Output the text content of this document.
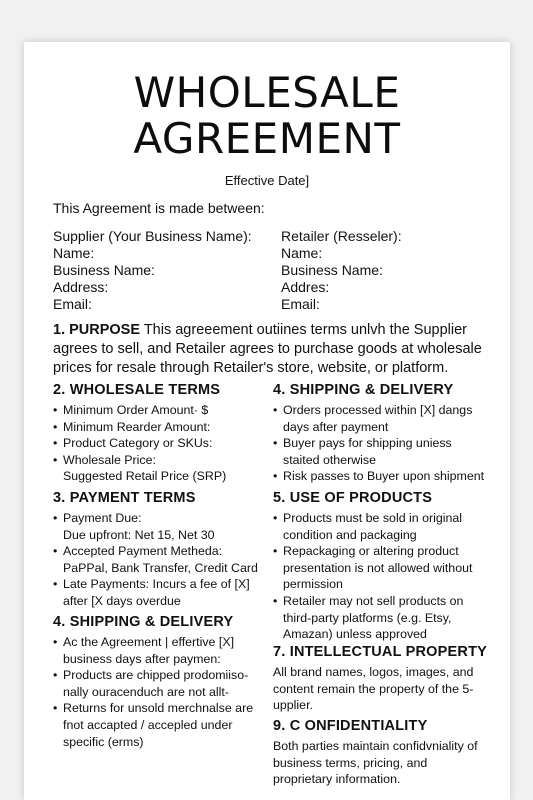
WHOLESALE
AGREEMENT
Effective Date]
This Agreement is made between:
Supplier (Your Business Name):
Name:
Business Name:
Address:
Email:
Retailer (Resseler):
Name:
Business Name:
Addres:
Email:
1. PURPOSE This agreeement outiines terms unlvh the Supplier agrees to sell, and Retailer agrees to purchase goods at wholesale prices for resale through Retailer's store, website, or platform.
2. WHOLESALE TERMS
• Minimum Order Amount· $
• Minimum Rearder Amount:
• Product Category or SKUs:
• Wholesale Price:
Suggested Retail Price (SRP)
3. PAYMENT TERMS
• Payment Due:
Due upfront: Net 15, Net 30
• Accepted Payment Metheda: PaPPal, Bank Transfer, Credit Card
• Late Payments: Incurs a fee of [X] after [X days overdue
4. SHIPPING & DELIVERY
• Ac the Agreement | effertive [X] business days after paymen:
• Products are chipped prodomiiso-nally ouracenduch are not allt-
• Returns for unsold merchnalse are fnot accapted / accepled under specific (erms)
4. SHIPPING & DELIVERY
• Orders processed within [X] dangs days after payment
• Buyer pays for shipping uniess staited otherwise
• Risk passes to Buyer upon shipment
5. USE OF PRODUCTS
• Products must be sold in original condition and packaging
• Repackaging or altering product presentation is not allowed without permission
• Retailer may not sell products on third-party platforms (e.g. Etsy, Amazan) unless approved
7. INTELLECTUAL PROPERTY

All brand names, logos, images, and content remain the property of the 5-upplier.

9. C ONFIDENTIALITY

Both parties maintain confidvniality of business terms, pricing, and proprietary information.
